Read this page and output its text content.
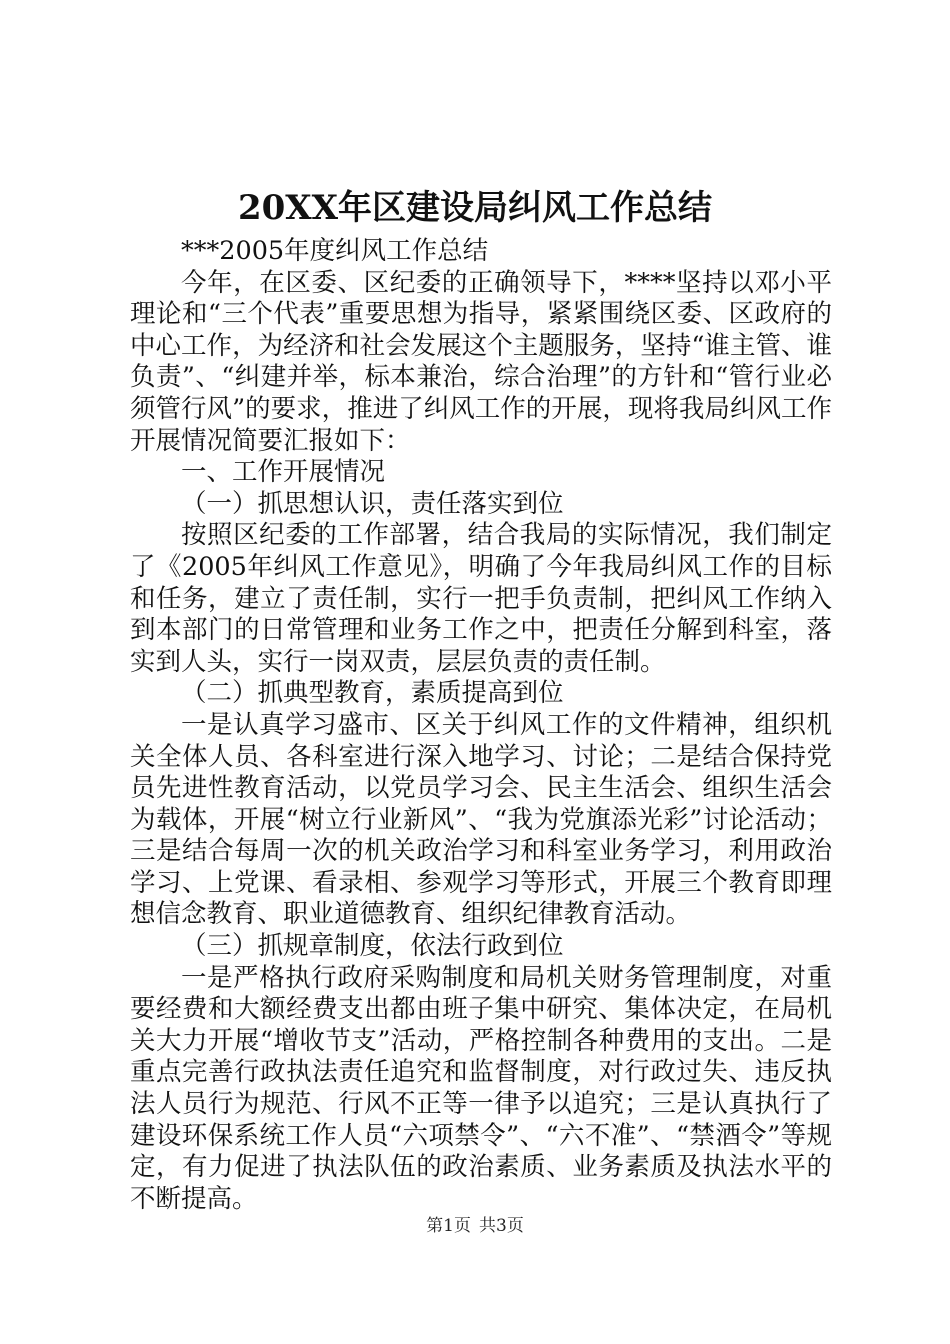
20XX年区建设局纠风工作总结

***2005年度纠风工作总结

今年，在区委、区纪委的正确领导下，****坚持以邓小平理论和“三个代表”重要思想为指导，紧紧围绕区委、区政府的中心工作，为经济和社会发展这个主题服务，坚持“谁主管、谁负责”、“纠建并举，标本兼治，综合治理”的方针和“管行业必须管行风”的要求，推进了纠风工作的开展，现将我局纠风工作开展情况简要汇报如下：

一、工作开展情况

（一）抓思想认识，责任落实到位

按照区纪委的工作部署，结合我局的实际情况，我们制定了《2005年纠风工作意见》，明确了今年我局纠风工作的目标和任务，建立了责任制，实行一把手负责制，把纠风工作纳入到本部门的日常管理和业务工作之中，把责任分解到科室，落实到人头，实行一岗双责，层层负责的责任制。

（二）抓典型教育，素质提高到位

一是认真学习盛市、区关于纠风工作的文件精神，组织机关全体人员、各科室进行深入地学习、讨论；二是结合保持党员先进性教育活动，以党员学习会、民主生活会、组织生活会为载体，开展“树立行业新风”、“我为党旗添光彩”讨论活动；三是结合每周一次的机关政治学习和科室业务学习，利用政治学习、上党课、看录相、参观学习等形式，开展三个教育即理想信念教育、职业道德教育、组织纪律教育活动。

（三）抓规章制度，依法行政到位

一是严格执行政府采购制度和局机关财务管理制度，对重要经费和大额经费支出都由班子集中研究、集体决定，在局机关大力开展“增收节支”活动，严格控制各种费用的支出。二是重点完善行政执法责任追究和监督制度，对行政过失、违反执法人员行为规范、行风不正等一律予以追究；三是认真执行了建设环保系统工作人员“六项禁令”、“六不准”、“禁酒令”等规定，有力促进了执法队伍的政治素质、业务素质及执法水平的不断提高。

第1页 共3页
